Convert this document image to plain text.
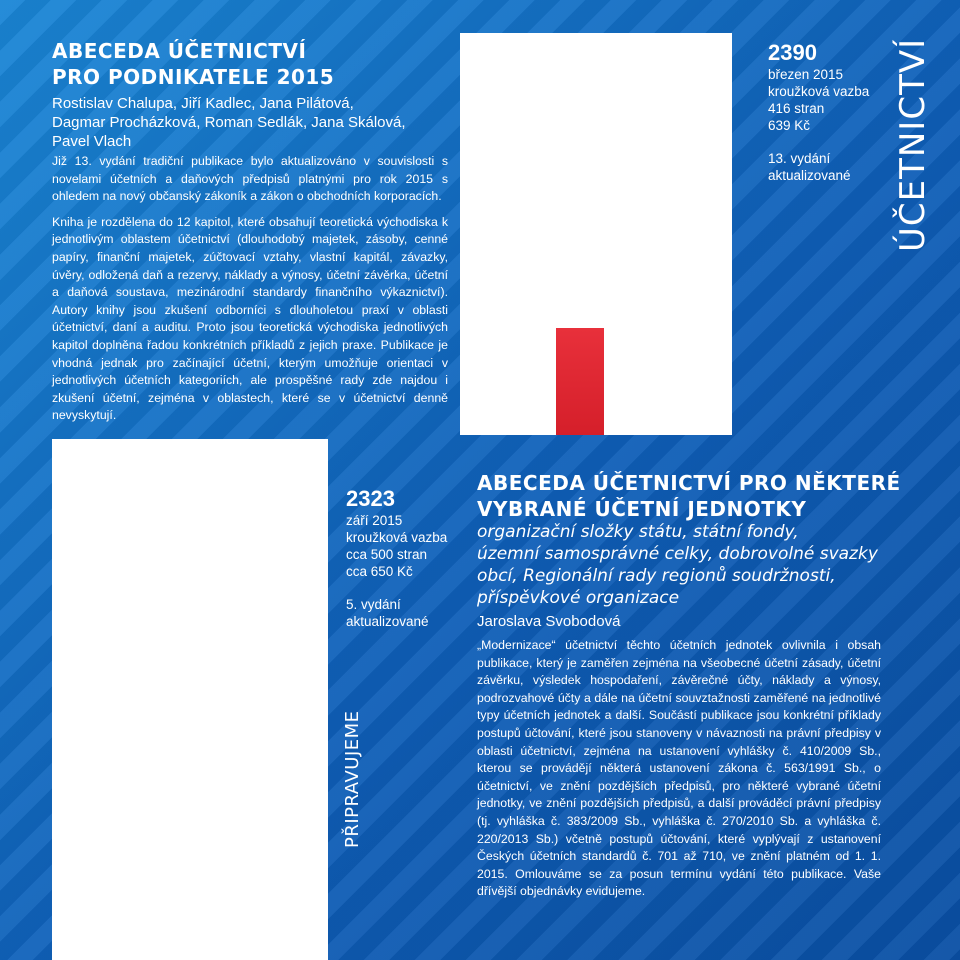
ABECEDA ÚČETNICTVÍ
PRO PODNIKATELE 2015
Rostislav Chalupa, Jiří Kadlec, Jana Pilátová,
Dagmar Procházková, Roman Sedlák, Jana Skálová,
Pavel Vlach

Již 13. vydání tradiční publikace bylo aktualizováno v souvislosti s novelami účetních a daňových předpisů platnými pro rok 2015 s ohledem na nový občanský zákoník a zákon o obchodních korporacích.

Kniha je rozdělena do 12 kapitol, které obsahují teoretická východiska k jednotlivým oblastem účetnictví (dlouhodobý majetek, zásoby, cenné papíry, finanční majetek, zúčtovací vztahy, vlastní kapitál, závazky, úvěry, odložená daň a rezervy, náklady a výnosy, účetní závěrka, účetní a daňová soustava, mezinárodní standardy finančního výkaznictví). Autory knihy jsou zkušení odborníci s dlouholetou praxí v oblasti účetnictví, daní a auditu. Proto jsou teoretická východiska jednotlivých kapitol doplněna řadou konkrétních příkladů z jejich praxe. Publikace je vhodná jednak pro začínající účetní, kterým umožňuje orientaci v jednotlivých účetních kategoriích, ale prospěšné rady zde najdou i zkušení účetní, zejména v oblastech, které se v účetnictví denně nevyskytují.

2390
březen 2015
kroužková vazba
416 stran
639 Kč
13. vydání
aktualizované	ÚČETNICTVÍ
2323
září 2015
kroužková vazba
cca 500 stran
cca 650 Kč
5. vydání
aktualizované
PŘIPRAVUJEME
ABECEDA ÚČETNICTVÍ PRO NĚKTERÉ
VYBRANÉ ÚČETNÍ JEDNOTKY
organizační složky státu, státní fondy,
územní samosprávné celky, dobrovolné svazky
obcí, Regionální rady regionů soudržnosti,
příspěvkové organizace
Jaroslava Svobodová

„Modernizace“ účetnictví těchto účetních jednotek ovlivnila i obsah publikace, který je zaměřen zejména na všeobecné účetní zásady, účetní závěrku, výsledek hospodaření, závěrečné účty, náklady a výnosy, podrozvahové účty a dále na účetní souvztažnosti zaměřené na jednotlivé typy účetních jednotek a další. Součástí publikace jsou konkrétní příklady postupů účtování, které jsou stanoveny v návaznosti na právní předpisy v oblasti účetnictví, zejména na ustanovení vyhlášky č. 410/2009 Sb., kterou se provádějí některá ustanovení zákona č. 563/1991 Sb., o účetnictví, ve znění pozdějších předpisů, pro některé vybrané účetní jednotky, ve znění pozdějších předpisů, a další prováděcí právní předpisy (tj. vyhláška č. 383/2009 Sb., vyhláška č. 270/2010 Sb. a vyhláška č. 220/2013 Sb.) včetně postupů účtování, které vyplývají z ustanovení Českých účetních standardů č. 701 až 710, ve znění platném od 1. 1. 2015. Omlouváme se za posun termínu vydání této publikace. Vaše dřívější objednávky evidujeme.
